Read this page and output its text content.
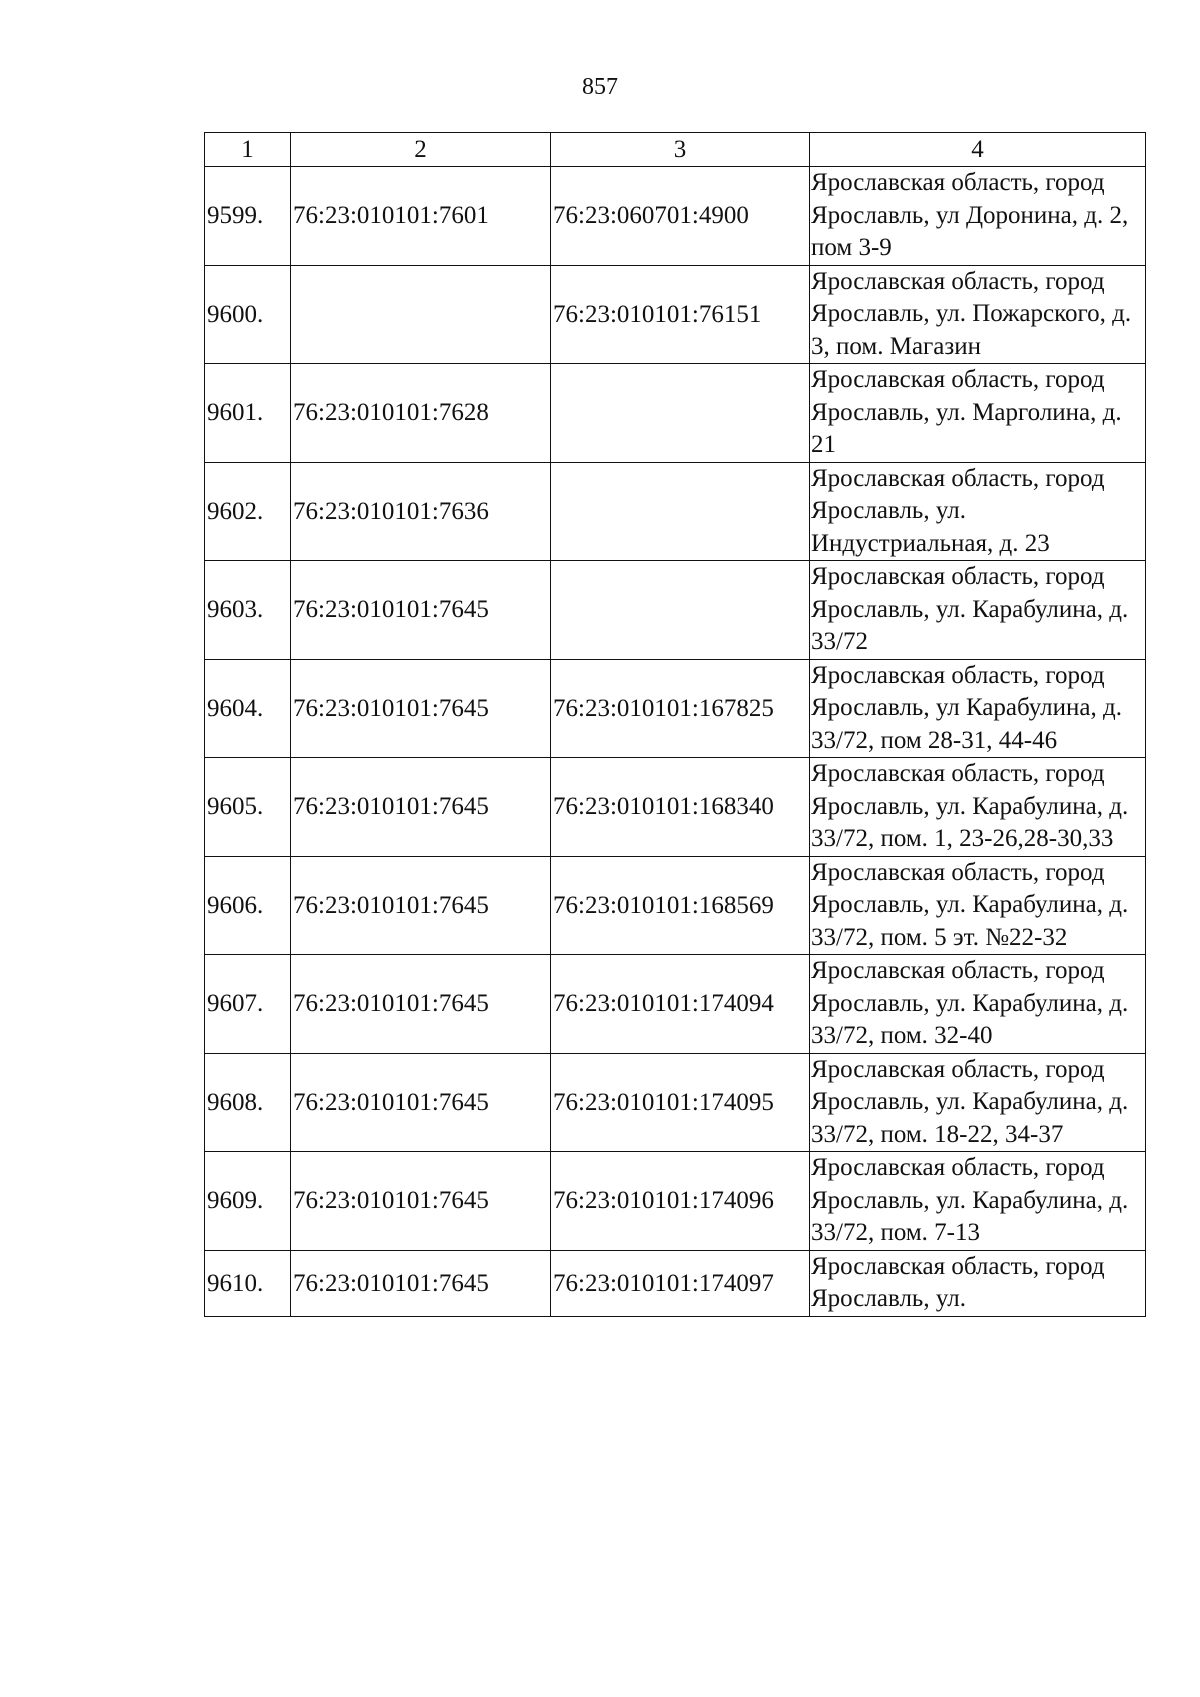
857
1	2	3	4
9599.	76:23:010101:7601	76:23:060701:4900	Ярославская область, город Ярославль, ул Доронина, д. 2, пом 3-9
9600.		76:23:010101:76151	Ярославская область, город Ярославль, ул. Пожарского, д. 3, пом. Магазин
9601.	76:23:010101:7628		Ярославская область, город Ярославль, ул. Марголина, д. 21
9602.	76:23:010101:7636		Ярославская область, город Ярославль, ул. Индустриальная, д. 23
9603.	76:23:010101:7645		Ярославская область, город Ярославль, ул. Карабулина, д. 33/72
9604.	76:23:010101:7645	76:23:010101:167825	Ярославская область, город Ярославль, ул Карабулина, д. 33/72, пом 28-31, 44-46
9605.	76:23:010101:7645	76:23:010101:168340	Ярославская область, город Ярославль, ул. Карабулина, д. 33/72, пом. 1, 23-26,28-30,33
9606.	76:23:010101:7645	76:23:010101:168569	Ярославская область, город Ярославль, ул. Карабулина, д. 33/72, пом. 5 эт. №22-32
9607.	76:23:010101:7645	76:23:010101:174094	Ярославская область, город Ярославль, ул. Карабулина, д. 33/72, пом. 32-40
9608.	76:23:010101:7645	76:23:010101:174095	Ярославская область, город Ярославль, ул. Карабулина, д. 33/72, пом. 18-22, 34-37
9609.	76:23:010101:7645	76:23:010101:174096	Ярославская область, город Ярославль, ул. Карабулина, д. 33/72, пом. 7-13
9610.	76:23:010101:7645	76:23:010101:174097	Ярославская область, город Ярославль, ул.
